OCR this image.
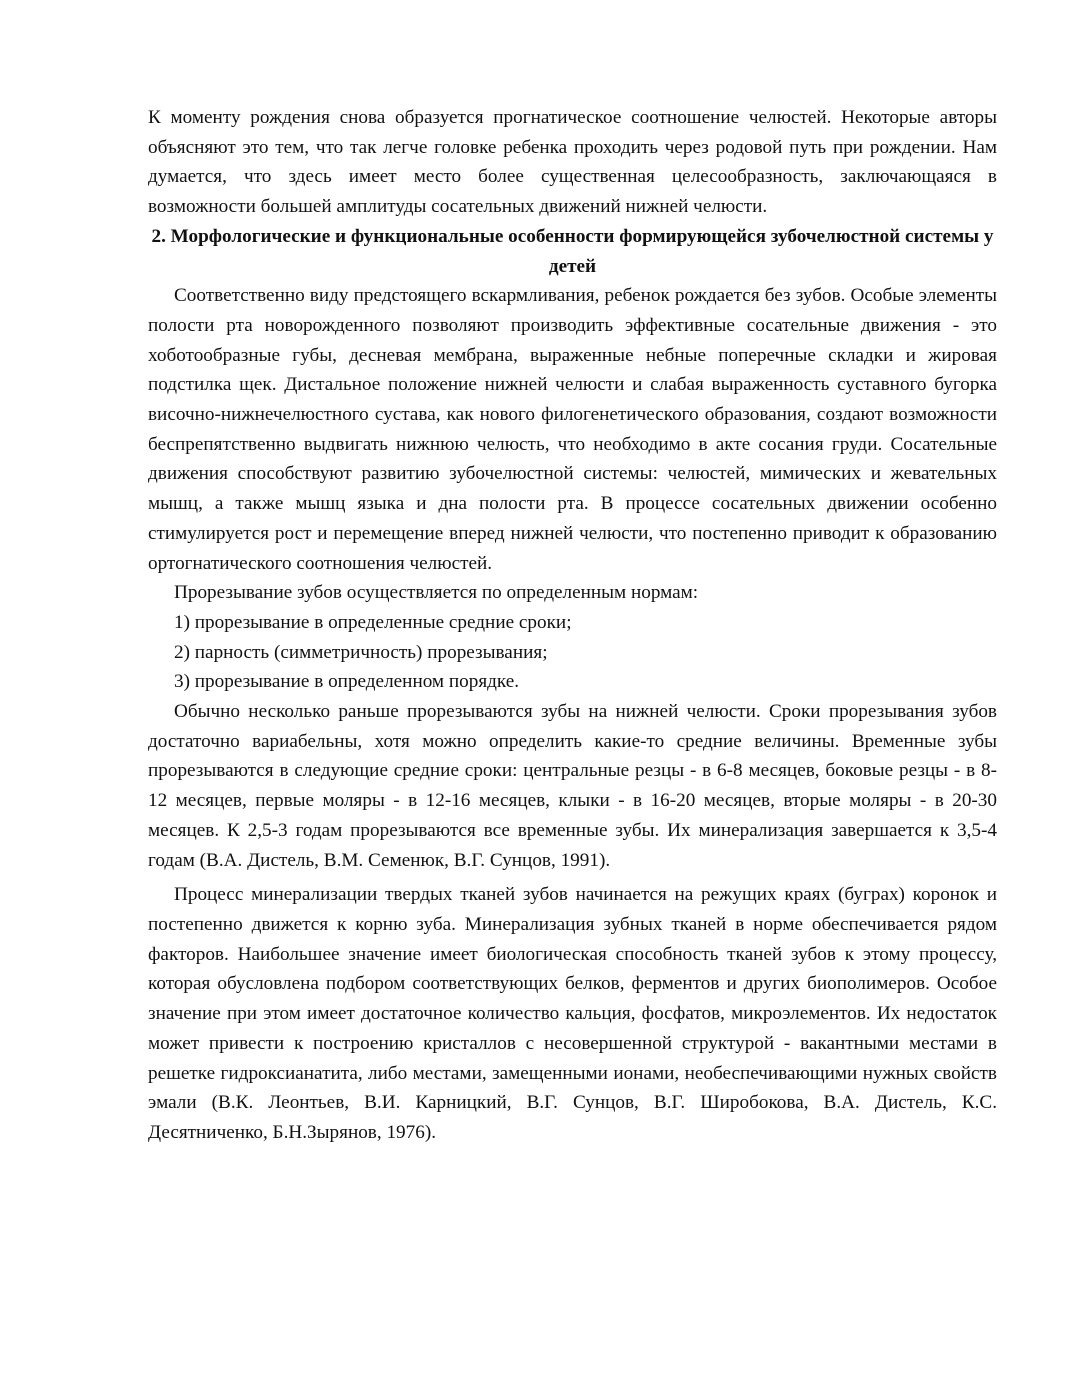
К моменту рождения снова образуется прогнатическое соотношение челюстей. Некоторые авторы объясняют это тем, что так легче головке ребенка проходить через родовой путь при рождении. Нам думается, что здесь имеет место более существенная целесообразность, заключающаяся в возможности большей амплитуды сосательных движений нижней челюсти.

2. Морфологические и функциональные особенности формирующейся зубочелюстной системы у детей

Соответственно виду предстоящего вскармливания, ребенок рождается без зубов. Особые элементы полости рта новорожденного позволяют производить эффективные сосательные движения - это хоботообразные губы, десневая мембрана, выраженные небные поперечные складки и жировая подстилка щек. Дистальное положение нижней челюсти и слабая выраженность суставного бугорка височно-нижнечелюстного сустава, как нового филогенетического образования, создают возможности беспрепятственно выдвигать нижнюю челюсть, что необходимо в акте сосания груди. Сосательные движения способствуют развитию зубочелюстной системы: челюстей, мимических и жевательных мышц, а также мышц языка и дна полости рта. В процессе сосательных движении особенно стимулируется рост и перемещение вперед нижней челюсти, что постепенно приводит к образованию ортогнатического соотношения челюстей.

Прорезывание зубов осуществляется по определенным нормам:

1) прорезывание в определенные средние сроки;

2) парность (симметричность) прорезывания;

3) прорезывание в определенном порядке.

Обычно несколько раньше прорезываются зубы на нижней челюсти. Сроки прорезывания зубов достаточно вариабельны, хотя можно определить какие-то средние величины. Временные зубы прорезываются в следующие средние сроки: центральные резцы - в 6-8 месяцев, боковые резцы - в 8-12 месяцев, первые моляры - в 12-16 месяцев, клыки - в 16-20 месяцев, вторые моляры - в 20-30 месяцев. К 2,5-3 годам прорезываются все временные зубы. Их минерализация завершается к 3,5-4 годам (В.А. Дистель, В.М. Семенюк, В.Г. Сунцов, 1991).

Процесс минерализации твердых тканей зубов начинается на режущих краях (буграх) коронок и постепенно движется к корню зуба. Минерализация зубных тканей в норме обеспечивается рядом факторов. Наибольшее значение имеет биологическая способность тканей зубов к этому процессу, которая обусловлена подбором соответствующих белков, ферментов и других биополимеров. Особое значение при этом имеет достаточное количество кальция, фосфатов, микроэлементов. Их недостаток может привести к построению кристаллов с несовершенной структурой - вакантными местами в решетке гидроксианатита, либо местами, замещенными ионами, необеспечивающими нужных свойств эмали (В.К. Леонтьев, В.И. Карницкий, В.Г. Сунцов, В.Г. Широбокова, В.А. Дистель, К.С. Десятниченко, Б.Н.Зырянов, 1976).
